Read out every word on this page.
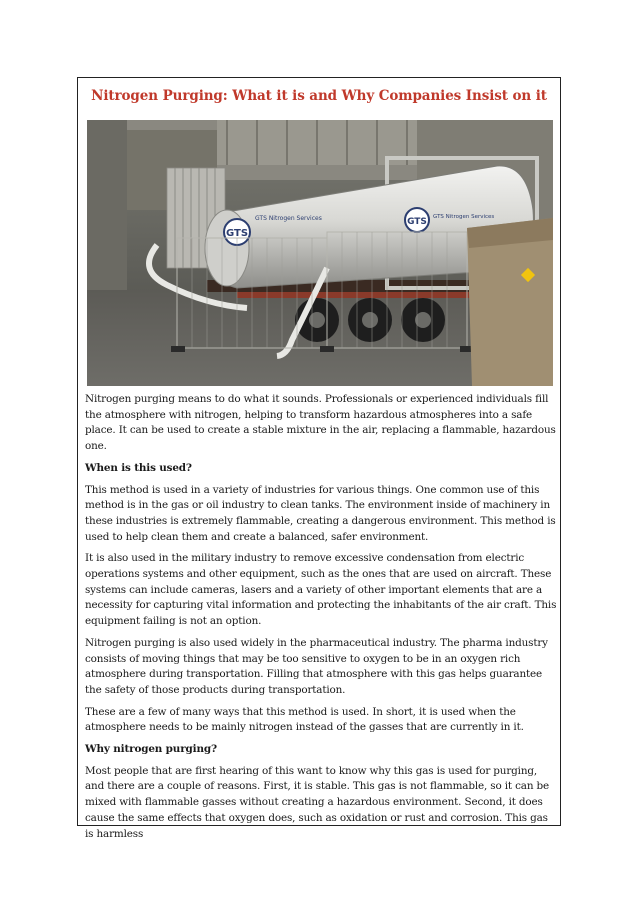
Nitrogen Purging: What it is and Why Companies Insist on it
GTS
GTS
GTS Nitrogen Services	GTS Nitrogen Services

Nitrogen purging means to do what it sounds. Professionals or experienced individuals fill the atmosphere with nitrogen, helping to transform hazardous atmospheres into a safe place. It can be used to create a stable mixture in the air, replacing a flammable, hazardous one.

When is this used?

This method is used in a variety of industries for various things. One common use of this method is in the gas or oil industry to clean tanks. The environment inside of machinery in these industries is extremely flammable, creating a dangerous environment. This method is used to help clean them and create a balanced, safer environment.

It is also used in the military industry to remove excessive condensation from electric operations systems and other equipment, such as the ones that are used on aircraft. These systems can include cameras, lasers and a variety of other important elements that are a necessity for capturing vital information and protecting the inhabitants of the air craft. This equipment failing is not an option.

Nitrogen purging is also used widely in the pharmaceutical industry. The pharma industry consists of moving things that may be too sensitive to oxygen to be in an oxygen rich atmosphere during transportation. Filling that atmosphere with this gas helps guarantee the safety of those products during transportation.

These are a few of many ways that this method is used. In short, it is used when the atmosphere needs to be mainly nitrogen instead of the gasses that are currently in it.

Why nitrogen purging?

Most people that are first hearing of this want to know why this gas is used for purging, and there are a couple of reasons. First, it is stable. This gas is not flammable, so it can be mixed with flammable gasses without creating a hazardous environment. Second, it does cause the same effects that oxygen does, such as oxidation or rust and corrosion. This gas is harmless
